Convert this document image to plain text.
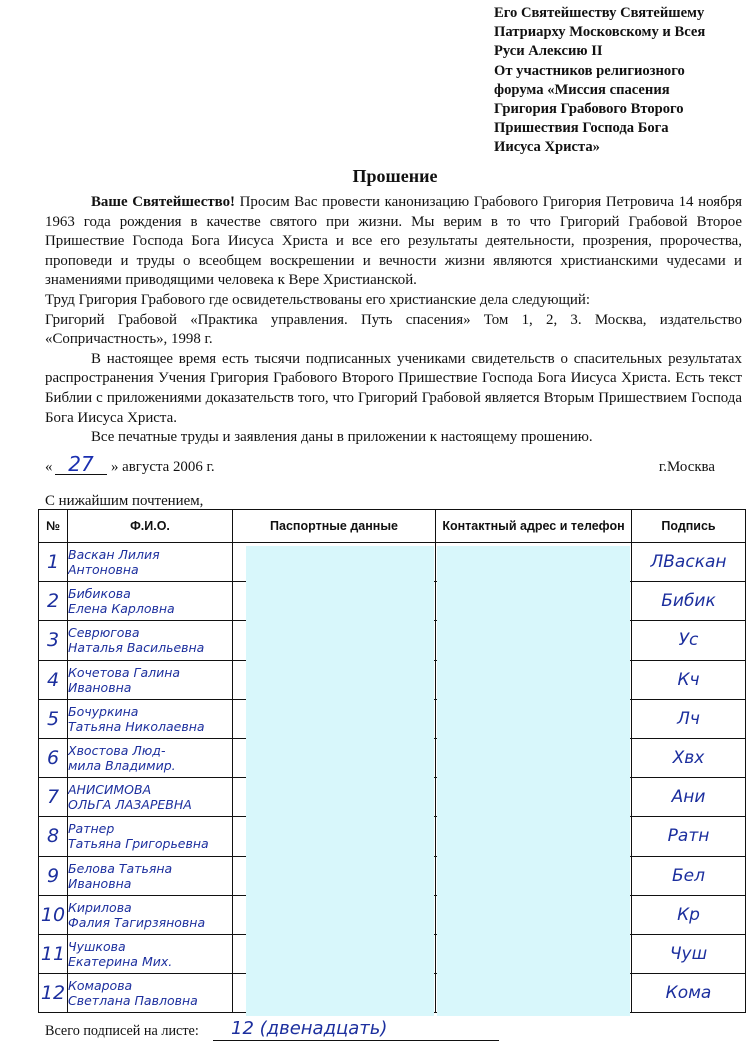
Его Святейшеству Святейшему
Патриарху Московскому и Всея
Руси Алексию II
От участников религиозного
форума «Миссия спасения
Григория Грабового Второго
Пришествия Господа Бога
Иисуса Христа»
Прошение

Ваше Святейшество! Просим Вас провести канонизацию Грабового Григория Петровича 14 ноября 1963 года рождения в качестве святого при жизни. Мы верим в то что Григорий Грабовой Второе Пришествие Господа Бога Иисуса Христа и все его результаты деятельности, прозрения, пророчества, проповеди и труды о всеобщем воскрешении и вечности жизни являются христианскими чудесами и знамениями приводящими человека к Вере Христианской.

Труд Григория Грабового где освидетельствованы его христианские дела следующий:

Григорий Грабовой «Практика управления. Путь спасения» Том 1, 2, 3. Москва, издательство «Сопричастность», 1998 г.

В настоящее время есть тысячи подписанных учениками свидетельств о спасительных результатах распространения Учения Григория Грабового Второго Пришествие Господа Бога Иисуса Христа. Есть текст Библии с приложениями доказательств того, что Григорий Грабовой является Вторым Пришествием Господа Бога Иисуса Христа.

Все печатные труды и заявления даны в приложении к настоящему прошению.

« 27	» августа 2006 г.	г.Москва
С нижайшим почтением,
№	Ф.И.О.	Паспортные данные	Контактный адрес и телефон	Подпись
1	Васкан Лилия
Антоновна			ЛВаскан
2	Бибикова
Елена Карловна			Бибик
3	Севрюгова
Наталья Васильевна			Ус
4	Кочетова Галина
Ивановна			Кч
5	Бочуркина
Татьяна Николаевна			Лч
6	Хвостова Люд-
мила Владимир.			Хвх
7	АНИСИМОВА
ОЛЬГА ЛАЗАРЕВНА			Ани
8	Ратнер
Татьяна Григорьевна			Ратн
9	Белова Татьяна
Ивановна			Бел
10	Кирилова
Фалия Тагирзяновна			Кр
11	Чушкова
Екатерина Мих.			Чуш
12	Комарова
Светлана Павловна			Кома
Всего подписей на листе:	12 (двенадцать)
